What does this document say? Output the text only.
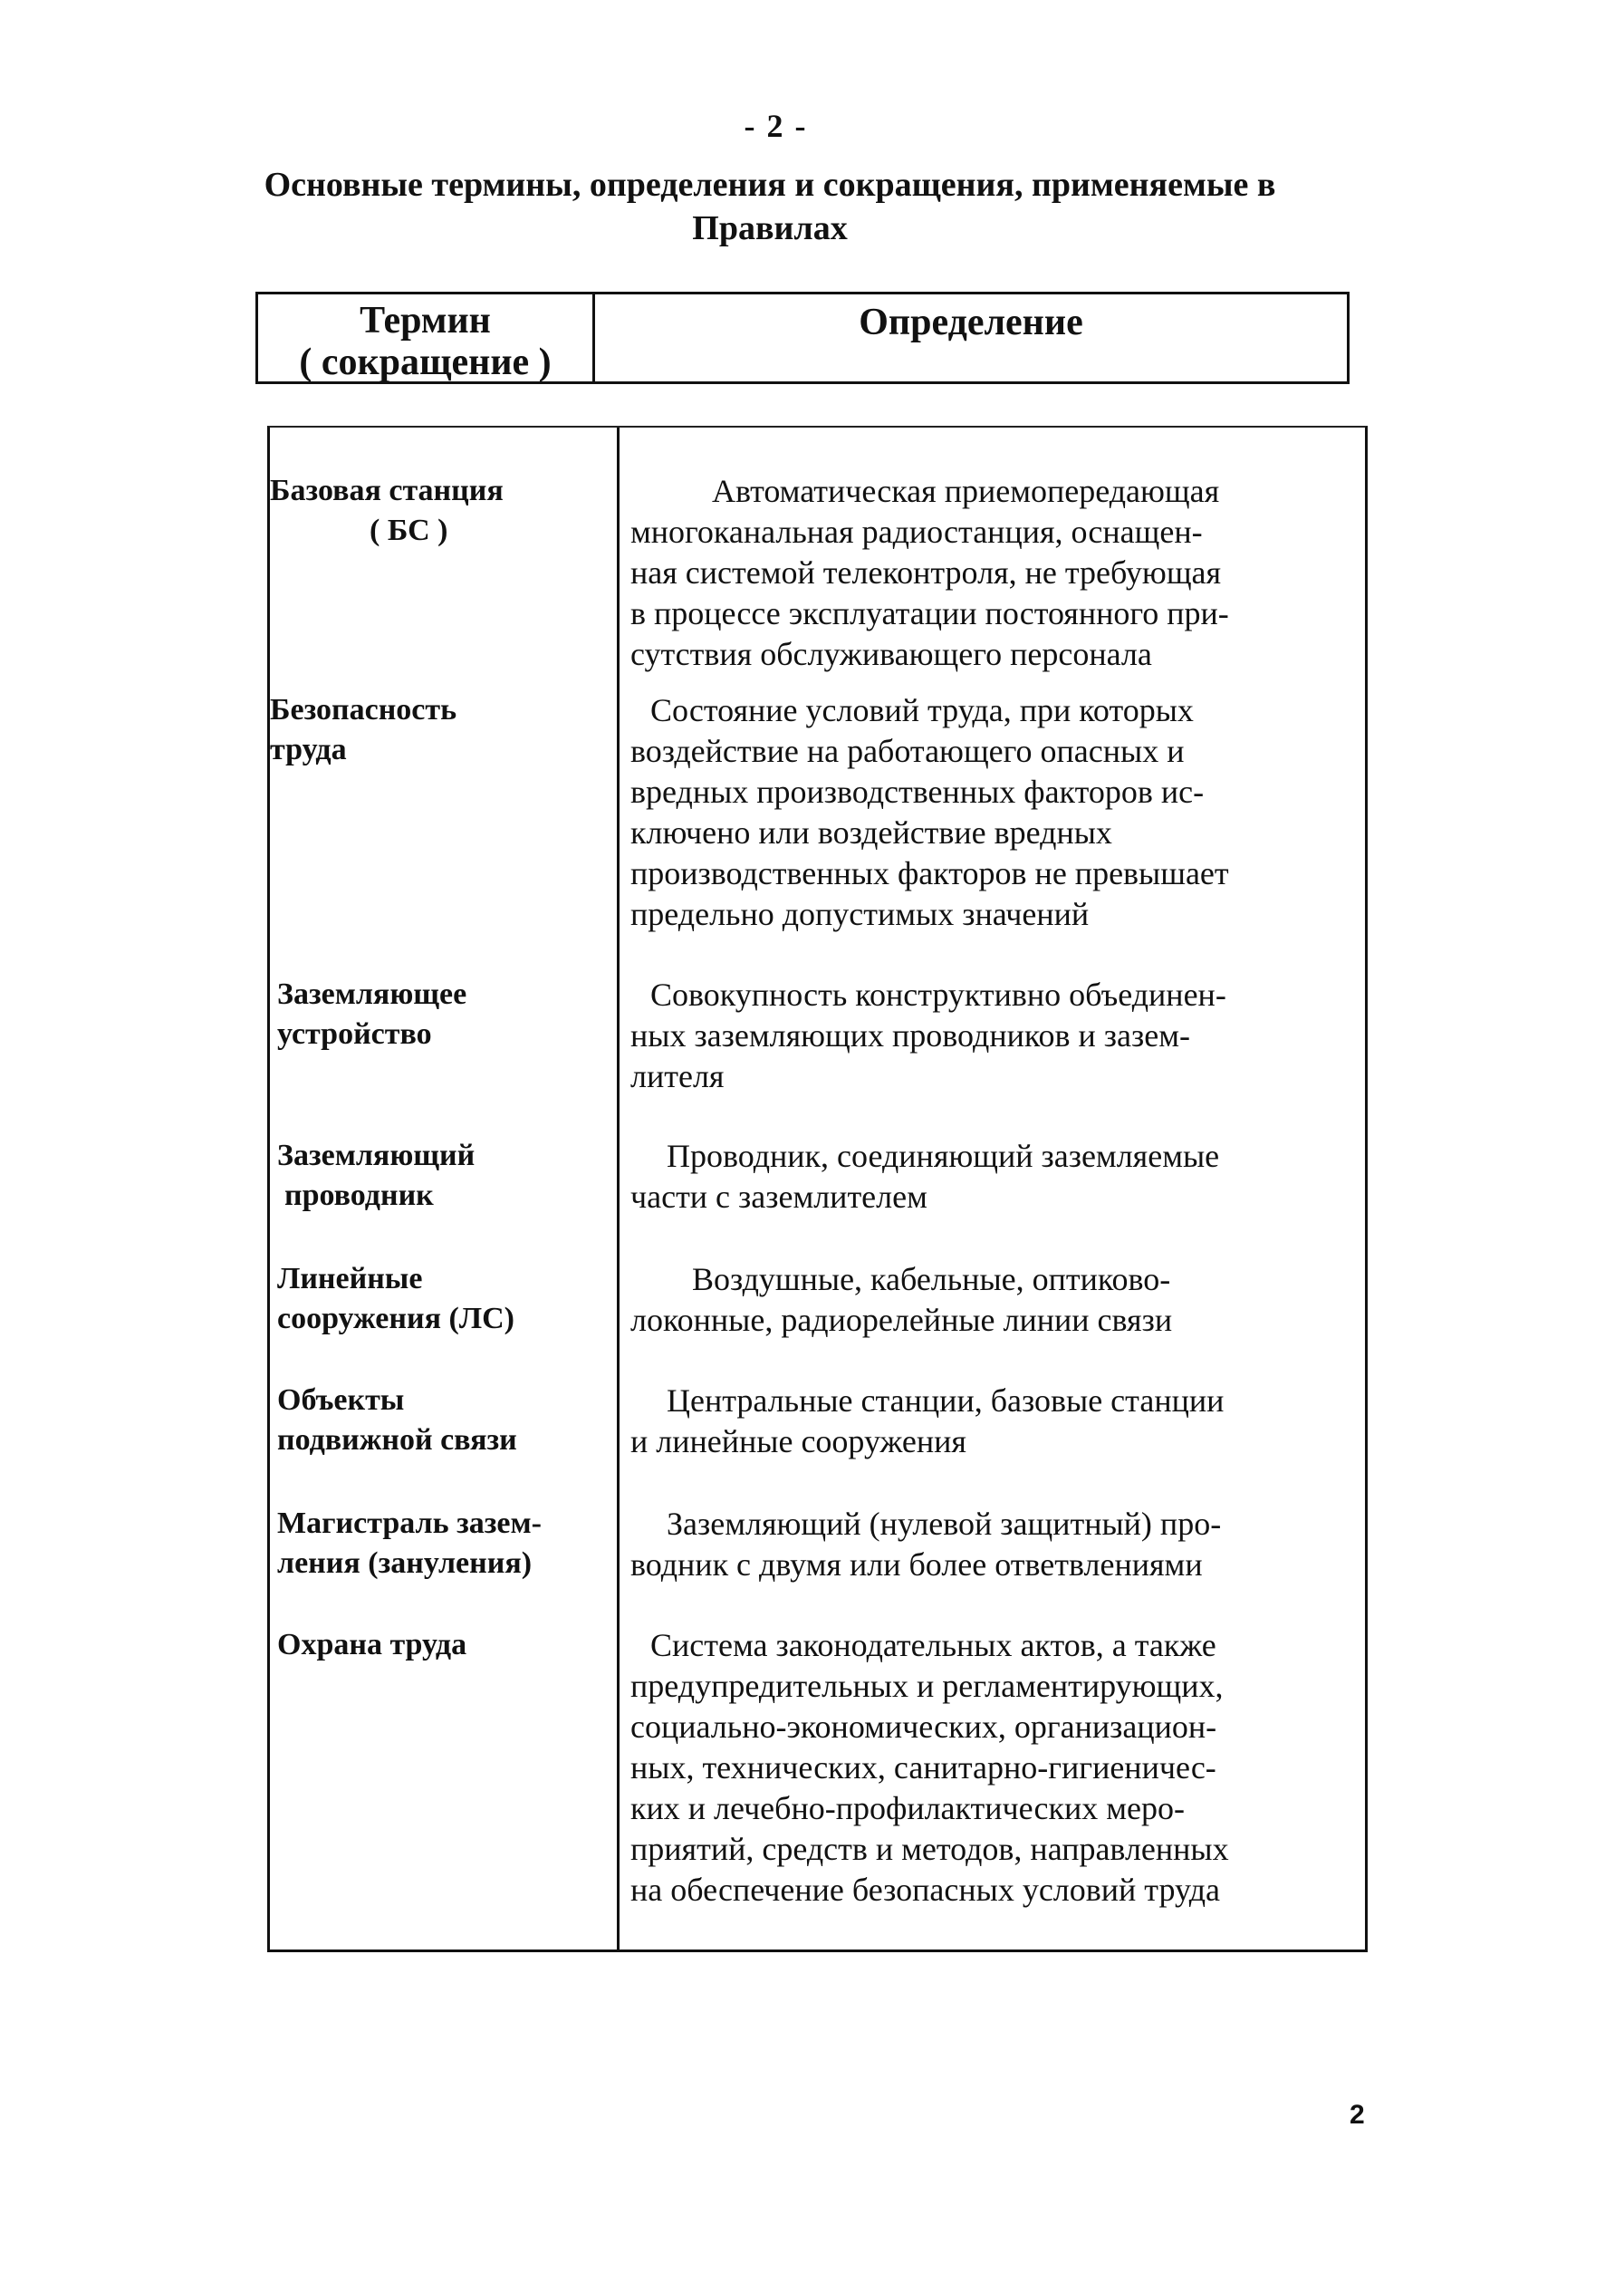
- 2 -
Основные термины, определения и сокращения, применяемые в
Правилах
Термин
( сокращение )
Определение
Базовая станция
( БС )
Автоматическая приемопередающая
многоканальная радиостанция, оснащен-
ная системой телеконтроля, не требующая
в процессе эксплуатации постоянного при-
сутствия обслуживающего персонала
Безопасность
труда
Состояние условий труда, при которых
воздействие на работающего опасных и
вредных производственных факторов ис-
ключено или воздействие вредных
производственных факторов не превышает
предельно допустимых значений
Заземляющее
устройство
Совокупность конструктивно объединен-
ных заземляющих проводников и зазем-
лителя
Заземляющий
проводник
Проводник, соединяющий заземляемые
части с заземлителем
Линейные
сооружения (ЛС)
Воздушные, кабельные, оптиково-
локонные, радиорелейные линии связи
Объекты
подвижной связи
Центральные станции, базовые станции
и линейные сооружения
Магистраль зазем-
ления (зануления)
Заземляющий (нулевой защитный) про-
водник с двумя или более ответвлениями
Охрана труда	Система законодательных актов, а также
предупредительных и регламентирующих,
социально-экономических, организацион-
ных, технических, санитарно-гигиеничес-
ких и лечебно-профилактических меро-
приятий, средств и методов, направленных
на обеспечение безопасных условий труда
2
